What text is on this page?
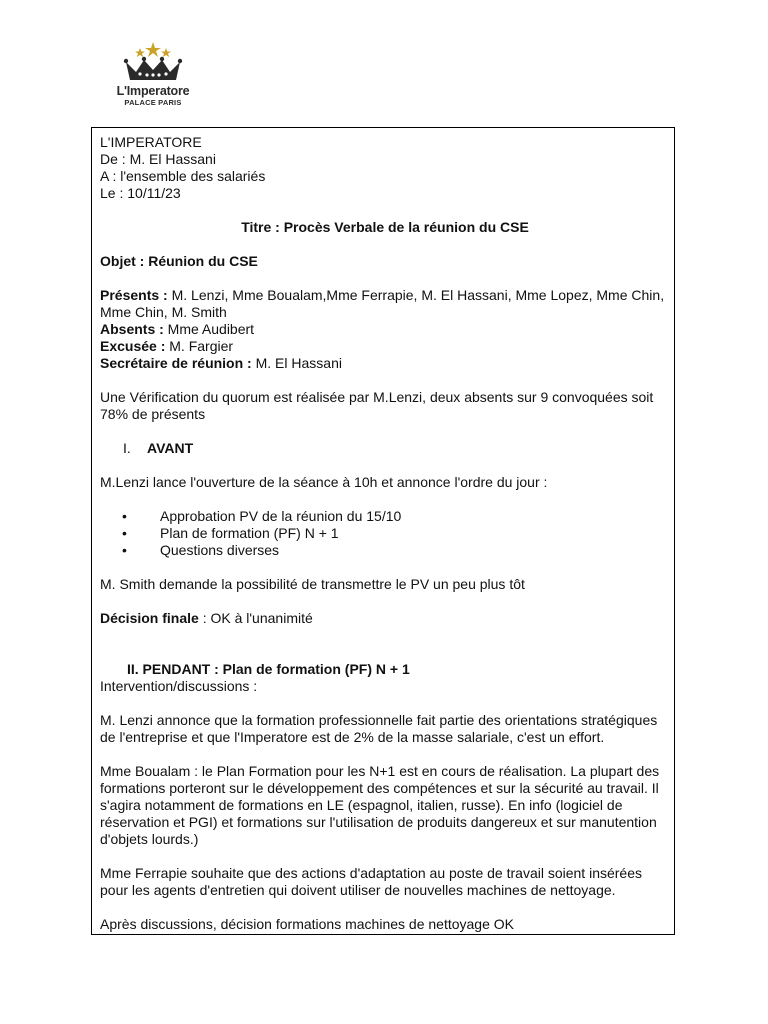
L'Imperatore
PALACE PARIS

L'IMPERATORE

De : M. El Hassani

A : l'ensemble des salariés

Le : 10/11/23

Titre : Procès Verbale de la réunion du CSE

Objet : Réunion du CSE

Présents : M. Lenzi, Mme Boualam,Mme Ferrapie, M. El Hassani, Mme Lopez, Mme Chin, Mme Chin, M. Smith

Absents : Mme Audibert

Excusée : M. Fargier

Secrétaire de réunion : M. El Hassani

Une Vérification du quorum est réalisée par M.Lenzi, deux absents sur 9 convoquées soit 78% de présents

I. AVANT

M.Lenzi lance l'ouverture de la séance à 10h et annonce l'ordre du jour :

• Approbation PV de la réunion du 15/10
• Plan de formation (PF) N + 1
• Questions diverses

M. Smith demande la possibilité de transmettre le PV un peu plus tôt

Décision finale : OK à l'unanimité

II. PENDANT : Plan de formation (PF) N + 1

Intervention/discussions :

M. Lenzi annonce que la formation professionnelle fait partie des orientations stratégiques de l'entreprise et que l'Imperatore est de 2% de la masse salariale, c'est un effort.

Mme Boualam : le Plan Formation pour les N+1 est en cours de réalisation. La plupart des formations porteront sur le développement des compétences et sur la sécurité au travail. Il s'agira notamment de formations en LE (espagnol, italien, russe). En info (logiciel de réservation et PGI) et formations sur l'utilisation de produits dangereux et sur manutention d'objets lourds.)

Mme Ferrapie souhaite que des actions d'adaptation au poste de travail soient insérées pour les agents d'entretien qui doivent utiliser de nouvelles machines de nettoyage.

Après discussions, décision formations machines de nettoyage OK
